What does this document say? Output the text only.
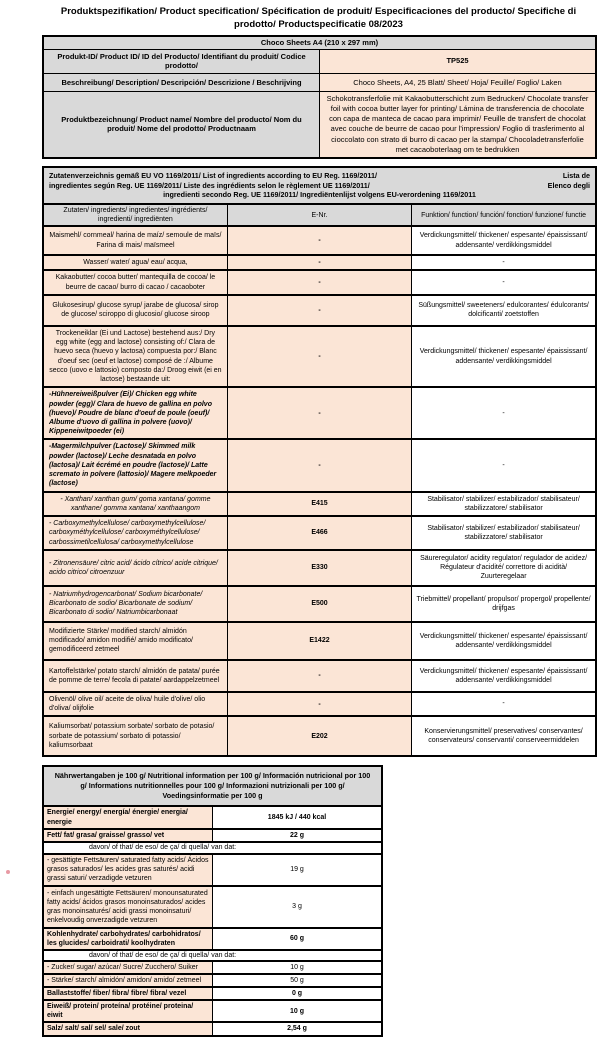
Produktspezifikation/ Product specification/ Spécification de produit/ Especificaciones del producto/ Specifiche di prodotto/ Productspecificatie 08/2023
Choco Sheets A4 (210 x 297 mm)	
Produkt-ID/ Product ID/ ID del Producto/ Identifiant du produit/ Codice prodotto/	TP525
Beschreibung/ Description/ Descripción/ Descrizione / Beschrijving	Choco Sheets, A4, 25 Blatt/ Sheet/ Hoja/ Feuille/ Foglio/ Laken
Produktbezeichnung/ Product name/ Nombre del producto/ Nom du produit/ Nome del prodotto/ Productnaam	Schokotransferfolie mit Kakaobutterschicht zum Bedrucken/ Chocolate transfer foil with cocoa butter layer for printing/ Lámina de transferencia de chocolate con capa de manteca de cacao para imprimir/ Feuille de transfert de chocolat avec couche de beurre de cacao pour l'impression/ Foglio di trasferimento al cioccolato con strato di burro di cacao per la stampa/ Chocoladetransferfolie met cacaoboterlaag om te bedrukken
Zutatenverzeichnis gemäß EU VO 1169/2011/ List of ingredients according to EU Reg. 1169/2011/ Lista de
ingredientes según Reg. UE 1169/2011/ Liste des ingrédients selon le règlement UE 1169/2011/ Elenco degli
ingredienti secondo Reg. UE 1169/2011/ Ingrediëntenlijst volgens EU-verordening 1169/2011		

Zutaten/ ingredients/ ingredientes/ ingrédients/ ingredienti/ ingrediënten	E-Nr.	Funktion/ function/ función/ fonction/ funzione/ functie
Maismehl/ cornmeal/ harina de maíz/ semoule de maïs/ Farina di mais/ maïsmeel	-	Verdickungsmittel/ thickener/ espesante/ épaississant/ addensante/ verdikkingsmiddel
Wasser/ water/ agua/ eau/ acqua,	-	-
Kakaobutter/ cocoa butter/ mantequilla de cocoa/ le beurre de cacao/ burro di cacao / cacaoboter	-	-
Glukosesirup/ glucose syrup/ jarabe de glucosa/ sirop de glucose/ sciroppo di glucosio/ glucose siroop	-	Süßungsmittel/ sweeteners/ edulcorantes/ édulcorants/ dolcificanti/ zoetstoffen
Trockeneiklar (Ei und Lactose) bestehend aus:/ Dry egg white (egg and lactose) consisting of:/ Clara de huevo seca (huevo y lactosa) compuesta por:/ Blanc d'oeuf sec (oeuf et lactose) composé de :/ Albume secco (uovo e lattosio) composto da:/ Droog eiwit (ei en lactose) bestaande uit:	-	Verdickungsmittel/ thickener/ espesante/ épaississant/ addensante/ verdikkingsmiddel
-Hühnereiweißpulver (Ei)/ Chicken egg white powder (egg)/ Clara de huevo de gallina en polvo (huevo)/ Poudre de blanc d'oeuf de poule (oeuf)/ Albume d'uovo di gallina in polvere (uovo)/ Kippeneiwitpoeder (ei)	-	-
-Magermilchpulver (Lactose)/ Skimmed milk powder (lactose)/ Leche desnatada en polvo (lactosa)/ Lait écrémé en poudre (lactose)/ Latte scremato in polvere (lattosio)/ Magere melkpoeder (lactose)	-	-
- Xanthan/ xanthan gum/ goma xantana/ gomme xanthane/ gomma xantana/ xanthaangom	E415	Stabilisator/ stabilizer/ estabilizador/ stabilisateur/ stabilizzatore/ stabilisator
- Carboxymethylcellulose/ carboxymethylcellulose/ carboxyméthylcellulose/ carboxyméthylcellulose/ carbossimetilcellulosa/ carboxymethylcellulose	E466	Stabilisator/ stabilizer/ estabilizador/ stabilisateur/ stabilizzatore/ stabilisator
- Zitronensäure/ citric acid/ ácido cítrico/ acide citrique/ acido citrico/ citroenzuur	E330	Säureregulator/ acidity regulator/ regulador de acidez/ Régulateur d'acidité/ correttore di acidità/ Zuurteregelaar
- Natriumhydrogencarbonat/ Sodium bicarbonate/ Bicarbonato de sodio/ Bicarbonate de sodium/ Bicarbonato di sodio/ Natriumbicarbonaat	E500	Triebmittel/ propellant/ propulsor/ propergol/ propellente/ drijfgas
Modifizierte Stärke/ modified starch/ almidón modificado/ amidon modifié/ amido modificato/ gemodificeerd zetmeel	E1422	Verdickungsmittel/ thickener/ espesante/ épaississant/ addensante/ verdikkingsmiddel
Kartoffelstärke/ potato starch/ almidón de patata/ purée de pomme de terre/ fecola di patate/ aardappelzetmeel	-	Verdickungsmittel/ thickener/ espesante/ épaississant/ addensante/ verdikkingsmiddel
Olivenöl/ olive oil/ aceite de oliva/ huile d'olive/ olio d'oliva/ olijfolie	-	-
Kaliumsorbat/ potassium sorbate/ sorbato de potasio/ sorbate de potassium/ sorbato di potassio/ kaliumsorbaat	E202	Konservierungsmittel/ preservatives/ conservantes/ conservateurs/ conservanti/ conserveermiddelen
Nährwertangaben je 100 g/ Nutritional information per 100 g/ Información nutricional por 100 g/ Informations nutritionnelles pour 100 g/ Informazioni nutrizionali per 100 g/ Voedingsinformatie per 100 g	
Energie/ energy/ energía/ énergie/ energia/ energie	1845 kJ / 440 kcal
Fett/ fat/ grasa/ graisse/ grasso/ vet	22 g
davon/ of that/ de eso/ de ça/ di quella/ van dat:	
- gesättigte Fettsäuren/ saturated fatty acids/ Ácidos grasos saturados/ les acides gras saturés/ acidi grassi saturi/ verzadigde vetzuren	19 g
- einfach ungesättigte Fettsäuren/ monounsaturated fatty acids/ ácidos grasos monoinsaturados/ acides gras monoinsaturés/ acidi grassi monoinsaturi/ enkelvoudig onverzadigde vetzuren	3 g
Kohlenhydrate/ carbohydrates/ carbohidratos/ les glucides/ carboidrati/ koolhydraten	60 g
davon/ of that/ de eso/ de ça/ di quella/ van dat:	
- Zucker/ sugar/ azúcar/ Sucre/ Zucchero/ Suiker	10 g
- Stärke/ starch/ almidón/ amidon/ amido/ zetmeel	50 g
Ballaststoffe/ fiber/ fibra/ fibre/ fibra/ vezel	0 g
Eiweiß/ protein/ proteína/ protéine/ proteina/ eiwit	10 g
Salz/ salt/ sal/ sel/ sale/ zout	2,54 g
